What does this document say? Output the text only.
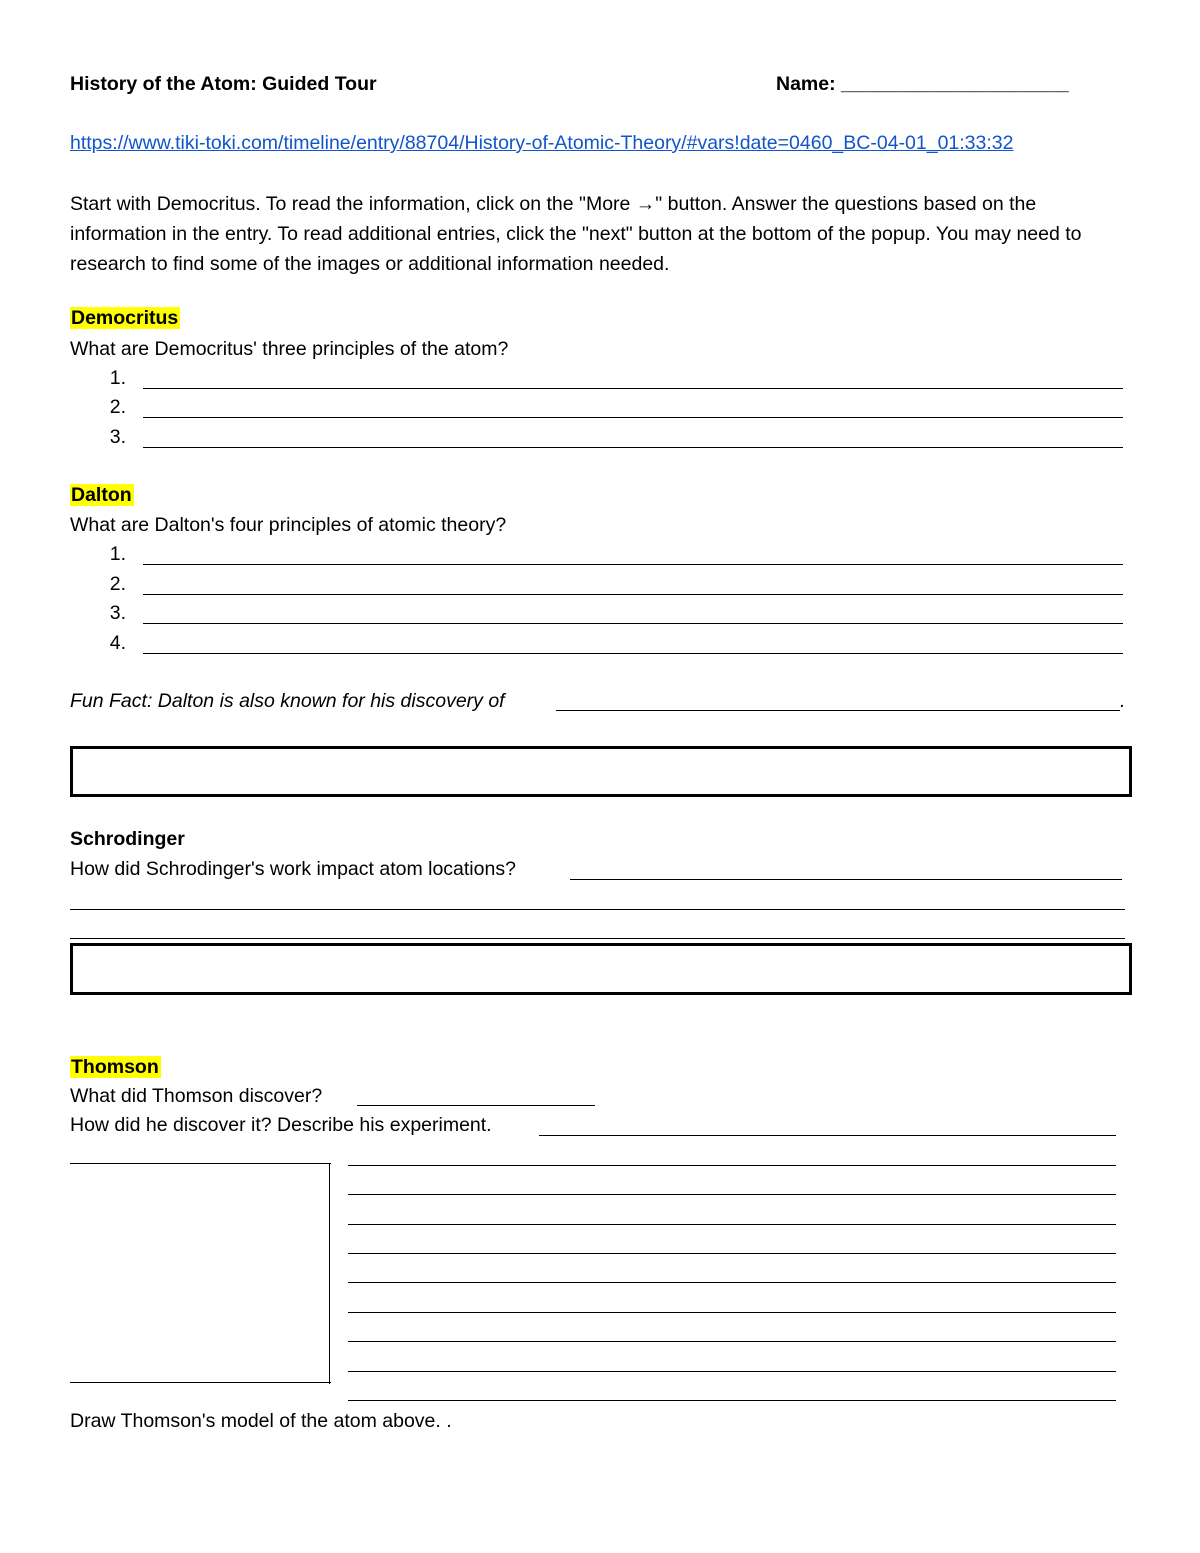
History of the Atom: Guided Tour	Name: _____________________
https://www.tiki-toki.com/timeline/entry/88704/History-of-Atomic-Theory/#vars!date=0460_BC-04-01_01:33:32
Start with Democritus. To read the information, click on the "More →" button. Answer the questions based on the information in the entry. To read additional entries, click the "next" button at the bottom of the popup. You may need to research to find some of the images or additional information needed.
Democritus
What are Democritus' three principles of the atom?
1.
2.
3.
Dalton
What are Dalton's four principles of atomic theory?
1.
2.
3.
4.
Fun Fact: Dalton is also known for his discovery of	.
Schrodinger
How did Schrodinger's work impact atom locations?
Thomson
What did Thomson discover?
How did he discover it? Describe his experiment.
Draw Thomson's model of the atom above. .
